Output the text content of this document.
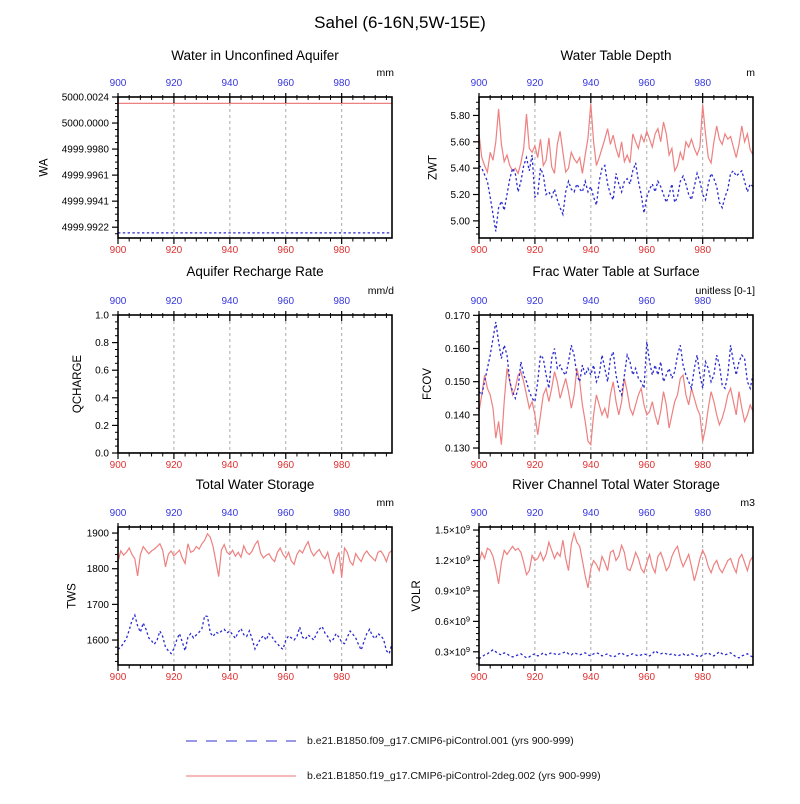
Sahel (6-16N,5W-15E)
900
900
920
920
940
940
960
960
980
980
4999.9922
4999.9941
4999.9961
4999.9980
5000.0000
5000.0024
Water in Unconfined Aquifer
mm
WA
900
900
920
920
940
940
960
960
980
980
5.00
5.20
5.40
5.60
5.80
Water Table Depth
m
ZWT
900
900
920
920
940
940
960
960
980
980
0.0
0.2
0.4
0.6
0.8
1.0
Aquifer Recharge Rate
mm/d
QCHARGE
900
900
920
920
940
940
960
960
980
980
0.130
0.140
0.150
0.160
0.170
Frac Water Table at Surface
unitless [0-1]
FCOV
900
900
920
920
940
940
960
960
980
980
1600
1700
1800
1900
Total Water Storage
mm
TWS
900
900
920
920
940
940
960
960
980
980
$0.3\times 10^9$
$0.6\times 10^9$
$0.9\times 10^9$
$1.2\times 10^9$
$1.5\times 10^9$
River Channel Total Water Storage
m3
VOLR
b.e21.B1850.f09_g17.CMIP6-piControl.001 (yrs 900-999)
b.e21.B1850.f19_g17.CMIP6-piControl-2deg.002 (yrs 900-999)
